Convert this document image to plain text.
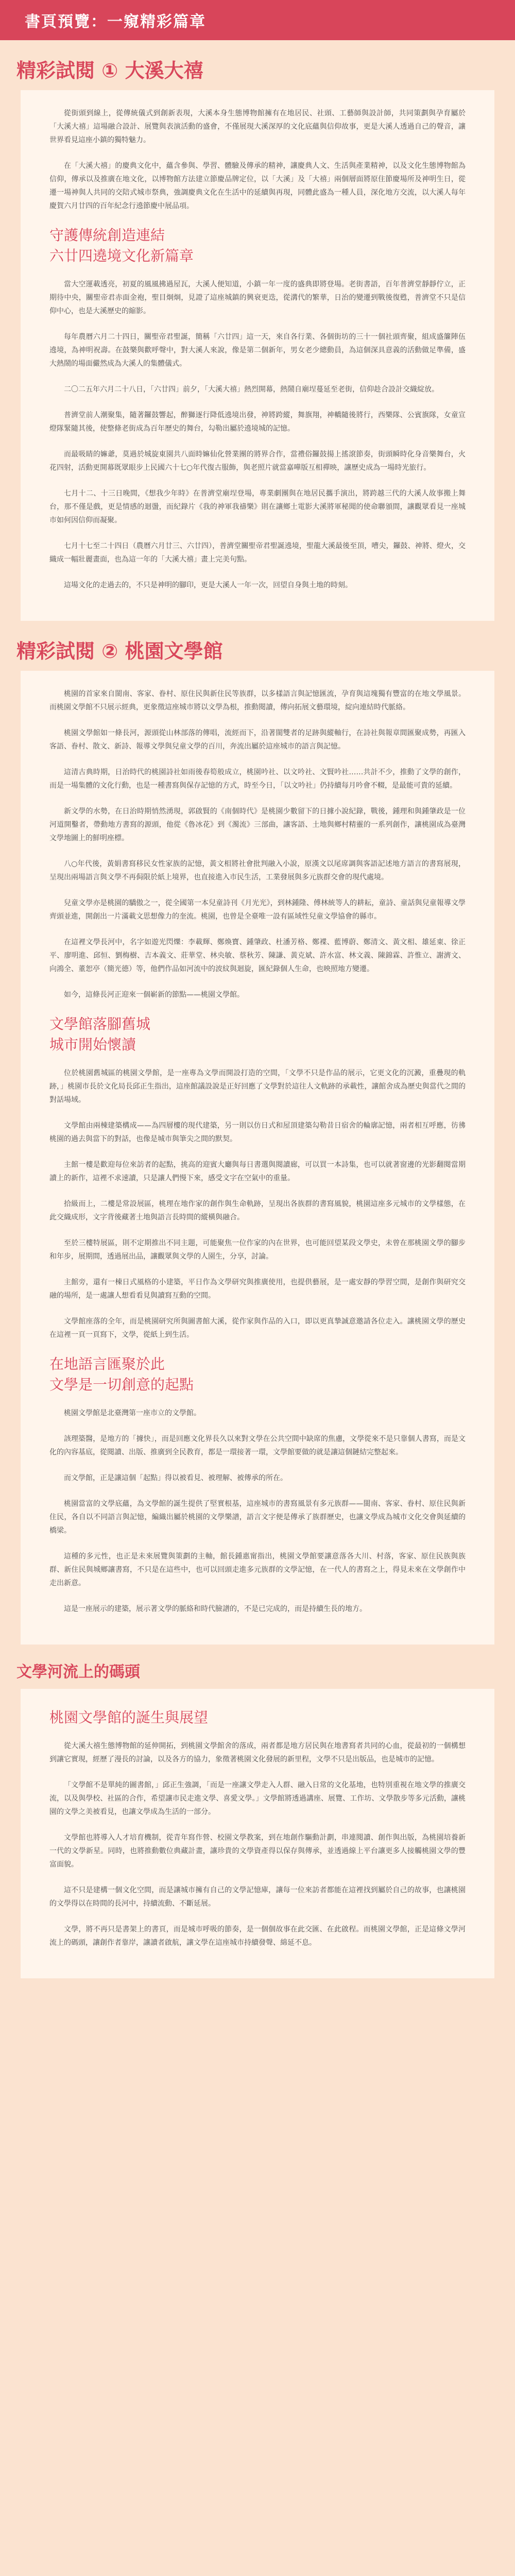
書頁預覽：一窺精彩篇章
精彩試閱 ① 大溪大禧

從街頭到線上，從傳統儀式到創新表現，大溪本身生態博物館擁有在地居民、社頭、工藝師與設計師，共同策劃與孕育屬於「大溪大禧」這場融合設計、展覽與表演活動的盛會，不僅展現大溪深厚的文化底蘊與信仰故事，更是大溪人透過自己的聲音，讓世界看見這座小鎮的獨特魅力。

在「大溪大禧」的慶典文化中，蘊含參與、學習、體驗及傳承的精神，讓慶典人文、生活與產業精神，以及文化生態博物館為信仰，傳承以及推廣在地文化，以博物館方法建立節慶品牌定位，以「大溪」及「大禧」兩個層面將原住節慶場所及神明生日，從遷一場神與人共同的交陪式城市祭典，強調慶典文化在生活中的延續與再現，同體此盛為一種人員，深化地方交流，以大溪人每年慶賀六月廿四的百年紀念行遶節慶中展品項。

守護傳統創造連結
六廿四遶境文化新篇章

當大空運載透亮，初夏的風風拂過屋瓦，大溪人便知道，小鎮一年一度的盛典即將登場。老街書語，百年普濟堂靜靜佇立，正期待中央，關聖帝君赤面金袍，聖目炯炯，見證了這座城鎮的興衰更迭，從溝代的繁華，日治的變遷到戰後復甦，普濟堂不只是信仰中心，也是大溪歷史的縮影。

每年農曆六月二十四日，關聖帝君聖誕，簡稱「六廿四」這一天，來自各行業、各個街坊的三十一個社頭齊聚，組成盛簾陣伍遶境，為神明祝壽。在鼓樂與歡呼聲中，對大溪人來說，像是第二個新年，男女老少總動員，為這個深具意義的活動做足準備，盛大熱鬧的場面儼然成為大溪人的集體儀式。

二〇二五年六月二十八日，「六廿四」前夕，「大溪大禧」熱烈開幕，熱鬧自廟埕蔓延至老街，信仰趁合設計交織綻放。

普濟堂前人潮聚集，隨著鑼鼓響起，醉獅逐行降低遶境出發，神將跨縱，舞旗翔，神轎隨後將行，西樂隊、公賓旗隊，女童宣燈隊緊隨其後，使整條老街成為百年歷史的舞台，勾勒出屬於遶境城的記憶。

而最吸睛的嫲爺，莫過於城旋東園共八面時嫲仙化營業團的將界合作，當禮俗鑼鼓揚上搖滾節奏，街頭瞬時化身音樂舞台，火花四射，活動更開幕既眾眼步上民國六十七○年代復古服飾，與老照片就當嘉嘩版互相禪映，讓歷史成為一場時光旅行。

七月十二、十三日晚間，《想我少年時》在普濟堂廟埕登場，專業劇團與在地居民攜手演出，將跨越三代的大溪人故事搬上舞台，那不僅是戲，更是情感的迴盪，而紀錄片《我的神軍我禱樂》則在讓鄉土電影大溪將軍秘聞的使命聯頒間，讓觀眾看見一座城市如何因信仰而凝聚。

七月十七至二十四日（農曆六月廿三、六廿四），普濟堂關聖帝君聖誕遶境，聖龍大溪最後至頂，嘈尖，鑼鼓、神將、燈火，交織成一幅壯麗畫面，也為這一年的「大溪大禧」畫上完美句點。

這場文化的走過去的，不只是神明的腳印，更是大溪人一年一次，回望自身與土地的時刻。

精彩試閱 ② 桃園文學館

桃園的首家來自閩南、客家、眷村、原住民與新住民等族群，以多樣語言與記憶匯流，孕育與這塊獨有豐富的在地文學風景。而桃園文學館不只展示經典，更象徵這座城市將以文學為根，推動閱讀，傳向拓展文藝環境，綻向連結時代脈絡。

桃園文學館如一條長河，源頭從山林部落的傳唱，流經而下，沿著閩雙者的足跡與縱軸行，在詩社與報章間匯聚成勢，再匯入客語、眷村、散文、新詩、報導文學與兒童文學的百川，奔流出屬於這座城市的語言與記憶。

這清古典時期，日治時代的桃園詩社如雨後春筍般成立，桃園吟社、以文吟社、文賢吟社……共計不少，推動了文學的創作，而是一場集體的文化行動，也是一種書寫與保存記憶的方式，時至今日，「以文吟社」仍持續每月吟會不輟，是最能可貴的延續。

新文學的水勢，在日治時期悄然湧現，郭啟賢的《南個時代》是桃園少數留下的日據小說紀錄，戰後，鍾理和與鍾肇政是一位河道開鑿者，帶動地方書寫的源頭，他從《魯冰花》到《濁流》三部曲，讓客語、土地與鄉村精靈的一系列創作，讓桃園成為臺灣文學地圖上的鮮明座標。

八○年代後，黃娟書寫移民女性家族的記憶，黃文相將社會批判融入小說，原漢文以尾席調與客語記述地方語言的書寫展現，呈現出兩場語言與文學不再侷限於紙上境界，也直接進入市民生活，工業發展與多元族群交會的現代處境。

兒童文學亦是桃園的驕傲之一，從全國第一本兒童詩刊《月光光》，到林鍾隆、傅林統等人的耕耘，童詩、童話與兒童報導文學齊頭並進，開創出一片滿載文思想像力的奎流。桃園，也曾是全臺唯一設有區域性兒童文學協會的縣市。

在這裡文學長河中，名字如遊光閃爍：李載輝、鄭煥寶、鍾肇政、杜潘芳格、鄭褋、藍博蔚、鄭清文、黃文相、雄延東、徐正平、廖明進、邱恒、劉梅樹、吉本義文、莊華堂、林央敏、蔡秋芳、陳謙、黃克斌、許水富、林文義、陳錦霖、許惟立、謝濟文、向鴻全、董恕亭（簡光德）等，他們作品如河流中的波紋與迴旋，匯紀錄個人生命，也映照地方變遷。

如今，這條長河正迎來一個嶄新的節點——桃園文學館。

文學館落腳舊城
城市開始懷讀

位於桃園舊城區的桃園文學館，是一座專為文學而開設打造的空間，「文學不只是作品的展示，它更文化的沉澱，重疊現的軌跡，」桃園市長於文化局長邱正生指出，這座館議設說是正好回應了文學對於這往人文軌跡的承載性，讓館舍成為歷史與當代之間的對話場域。

文學館由兩棟建築構成——為四層樓的現代建築，另一則以仿日式和屋頂建築勾勒昔日宿舍的輪廓記憶，兩者相互呼應，彷彿桃園的過去與當下的對話，也像是城市與筆尖之間的默契。

主館一樓是歡迎每位來訪者的起點，挑高的迎賓大廳與每日書選與閱讀廊，可以買一本詩集，也可以就著窗邊的光影翻閱當期讀上的新作，這裡不求速讀，只是讓人們慢下來，感受文字在空氣中的重量。

拾級而上，二樓是常設展區，桃理在地作家的創作與生命軌跡，呈現出各族群的書寫風貌，桃園這座多元城市的文學樣態，在此交織成形，文字背後藏著土地與語言長時間的縱橫與融合。

至於三樓特展區，則不定期推出不同主題，可能聚焦一位作家的內在世界，也可能回望某段文學史，未曾在那桃園文學的腳步和年步，展期間，透過展出品，讓觀眾與文學的人園生，分享，討論。

主館旁，還有一棟日式風格的小建築，平日作為文學研究與推廣使用，也提供藝展，是一處安靜的學習空間，是創作與研究交融的場所，是一處讓人想看看見與讀寫互動的空間。

文學館座落的全年，而是桃園研究所與圖書館大溪，從作家與作品的入口，即以更真摯誠意邀請各位走入。讓桃園文學的歷史在這裡一頁一頁寫下，文學，從紙上到生活。

在地語言匯聚於此
文學是一切創意的起點

桃園文學館是北臺灣第一座市立的文學館。

該理築醫，是地方的「據快」，而是回應文化界長久以來對文學在公共空間中缺席的焦慮，文學從來不是只靠個人書寫，而是文化的內容基底，從閱讀、出版、推廣到全民教育，都是一環接著一環，文學館要做的就是讓這個鏈結完整起來。

而文學館，正是讓這個「起點」得以被看見、被理解、被傳承的所在。

桃園當富的文學底蘊，為文學館的誕生提供了堅實根基，這座城市的書寫風景有多元族群——閩南、客家、眷村、原住民與新住民，各自以不同語言與記憶，編織出屬於桃園的文學樂譜，語言文字便是傳承了族群歷史，也讓文學成為城市文化交會與延續的橋梁。

這種的多元性，也正是未來展覽與策劃的主軸，館長鍾惠甯指出，桃園文學館要讓意落各大川、村落，客家、原住民族與族群、新住民與城鄉讓書寫，不只是在這些中，也可以回頭走進多元族群的文學記憶，在一代人的書寫之上，得見未來在文學創作中走出新意。

這是一座展示的建築，展示著文學的脈絡和時代臉譜的，不是已完成的，而是持續生長的地方。

文學河流上的碼頭
桃園文學館的誕生與展望

從大溪大禧生態博物館的延伸開拓，到桃園文學館舍的落成，兩者都是地方居民與在地書寫者共同的心血，從最初的一個構想到讓它實現，經歷了漫長的討論，以及各方的協力，象徵著桃園文化發展的新里程，文學不只是出版品，也是城市的記憶。

「文學館不是單純的圖書館，」邱正生強調，「而是一座讓文學走入人群、融入日常的文化基地，也特別重視在地文學的推廣交流，以及與學校、社區的合作，希望讓市民走進文學、喜愛文學。」文學館將透過講座、展覽、工作坊、文學散步等多元活動，讓桃園的文學之美被看見，也讓文學成為生活的一部分。

文學館也將導入人才培育機制，從青年寫作營、校園文學教案，到在地創作驅動計劃，串連閱讀、創作與出版，為桃園培養新一代的文學新星。同時，也將推動數位典藏計畫，讓珍貴的文學資產得以保存與傳承，並透過線上平台讓更多人接觸桃園文學的豐富面貌。

這不只是建構一個文化空間，而是讓城市擁有自己的文學記憶庫，讓每一位來訪者都能在這裡找到屬於自己的故事，也讓桃園的文學得以在時間的長河中，持續流動、不斷延展。

文學，將不再只是書架上的書頁，而是城市呼吸的節奏，是一個個故事在此交匯、在此啟程。而桃園文學館，正是這條文學河流上的碼頭，讓創作者靠岸，讓讀者啟航，讓文學在這座城市持續發聲、綿延不息。
